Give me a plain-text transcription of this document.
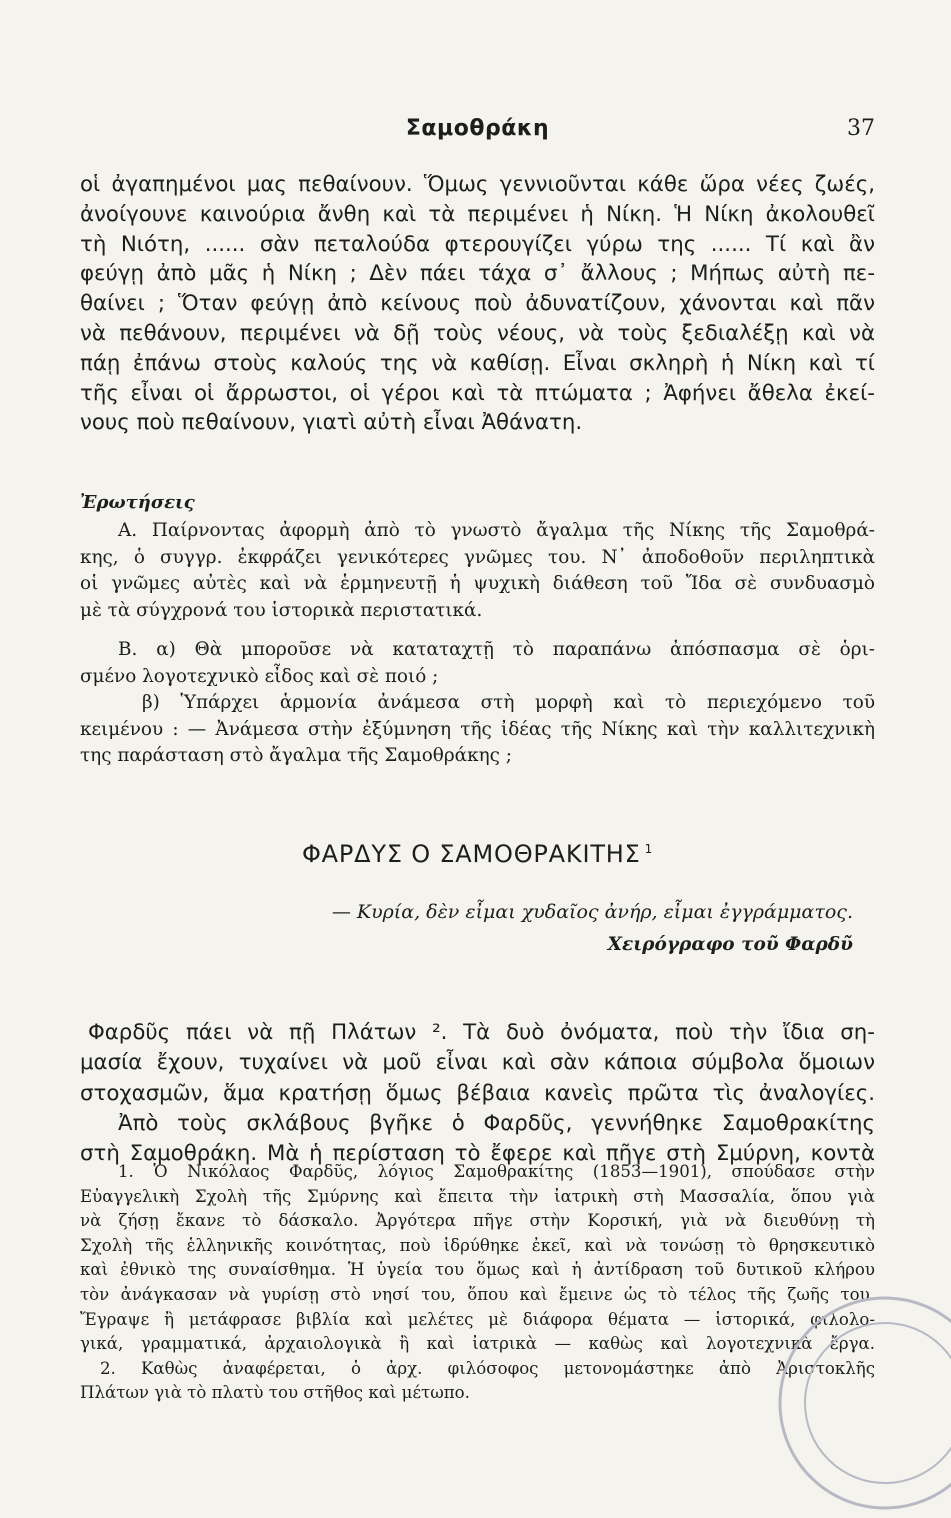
Σαμοθράκη	37
οἱ ἀγαπημένοι μας πεθαίνουν. Ὅμως γεννιοῦνται κάθε ὥρα νέες ζωές,
ἀνοίγουνε καινούρια ἄνθη καὶ τὰ περιμένει ἡ Νίκη. Ἡ Νίκη ἀκολουθεῖ
τὴ Νιότη, ...... σὰν πεταλούδα φτερουγίζει γύρω της ...... Τί καὶ ἂν
φεύγῃ ἀπὸ μᾶς ἡ Νίκη ; Δὲν πάει τάχα σ᾿ ἄλλους ; Μήπως αὐτὴ πε-
θαίνει ; Ὅταν φεύγῃ ἀπὸ κείνους ποὺ ἀδυνατίζουν, χάνονται καὶ πᾶν
νὰ πεθάνουν, περιμένει νὰ δῇ τοὺς νέους, νὰ τοὺς ξεδιαλέξῃ καὶ νὰ
πάῃ ἐπάνω στοὺς καλούς της νὰ καθίσῃ. Εἶναι σκληρὴ ἡ Νίκη καὶ τί
τῆς εἶναι οἱ ἄρρωστοι, οἱ γέροι καὶ τὰ πτώματα ; Ἀφήνει ἄθελα ἐκεί-
νους ποὺ πεθαίνουν, γιατὶ αὐτὴ εἶναι Ἀθάνατη.
Ἐρωτήσεις
Α. Παίρνοντας ἀφορμὴ ἀπὸ τὸ γνωστὸ ἄγαλμα τῆς Νίκης τῆς Σαμοθρά-
κης, ὁ συγγρ. ἐκφράζει γενικότερες γνῶμες του. Ν᾿ ἀποδοθοῦν περιληπτικὰ
οἱ γνῶμες αὐτὲς καὶ νὰ ἑρμηνευτῇ ἡ ψυχικὴ διάθεση τοῦ Ἴδα σὲ συνδυασμὸ
μὲ τὰ σύγχρονά του ἱστορικὰ περιστατικά.
Β. α) Θὰ μποροῦσε νὰ καταταχτῇ τὸ παραπάνω ἀπόσπασμα σὲ ὁρι-
σμένο λογοτεχνικὸ εἶδος καὶ σὲ ποιό ;
β) Ὑπάρχει ἁρμονία ἀνάμεσα στὴ μορφὴ καὶ τὸ περιεχόμενο τοῦ
κειμένου : — Ἀνάμεσα στὴν ἐξύμνηση τῆς ἰδέας τῆς Νίκης καὶ τὴν καλλιτεχνικὴ
της παράσταση στὸ ἄγαλμα τῆς Σαμοθράκης ;
ΦΑΡΔΥΣ Ο ΣΑΜΟΘΡΑΚΙΤΗΣ $^1$
— Κυρία, δὲν εἶμαι χυδαῖος ἀνήρ, εἶμαι ἐγγράμματος.
Χειρόγραφο τοῦ Φαρδῦ
Φαρδῦς πάει νὰ πῇ Πλάτων ². Τὰ δυὸ ὀνόματα, ποὺ τὴν ἴδια ση-
μασία ἔχουν, τυχαίνει νὰ μοῦ εἶναι καὶ σὰν κάποια σύμβολα ὅμοιων
στοχασμῶν, ἅμα κρατήσῃ ὅμως βέβαια κανεὶς πρῶτα τὶς ἀναλογίες.
Ἀπὸ τοὺς σκλάβους βγῆκε ὁ Φαρδῦς, γεννήθηκε Σαμοθρακίτης
στὴ Σαμοθράκη. Μὰ ἡ περίσταση τὸ ἔφερε καὶ πῆγε στὴ Σμύρνη, κοντὰ
1. Ὁ Νικόλαος Φαρδῦς, λόγιος Σαμοθρακίτης (1853—1901), σπούδασε στὴν
Εὐαγγελικὴ Σχολὴ τῆς Σμύρνης καὶ ἔπειτα τὴν ἰατρικὴ στὴ Μασσαλία, ὅπου γιὰ
νὰ ζήσῃ ἔκανε τὸ δάσκαλο. Ἀργότερα πῆγε στὴν Κορσική, γιὰ νὰ διευθύνῃ τὴ
Σχολὴ τῆς ἑλληνικῆς κοινότητας, ποὺ ἱδρύθηκε ἐκεῖ, καὶ νὰ τονώσῃ τὸ θρησκευτικὸ
καὶ ἐθνικὸ της συναίσθημα. Ἡ ὑγεία του ὅμως καὶ ἡ ἀντίδραση τοῦ δυτικοῦ κλήρου
τὸν ἀνάγκασαν νὰ γυρίσῃ στὸ νησί του, ὅπου καὶ ἔμεινε ὡς τὸ τέλος τῆς ζωῆς του.
Ἔγραψε ἢ μετάφρασε βιβλία καὶ μελέτες μὲ διάφορα θέματα — ἱστορικά, φιλολο-
γικά, γραμματικά, ἀρχαιολογικὰ ἢ καὶ ἰατρικὰ — καθὼς καὶ λογοτεχνικὰ ἔργα.
2. Καθὼς ἀναφέρεται, ὁ ἀρχ. φιλόσοφος μετονομάστηκε ἀπὸ Ἀριστοκλῆς
Πλάτων γιὰ τὸ πλατὺ του στῆθος καὶ μέτωπο.
